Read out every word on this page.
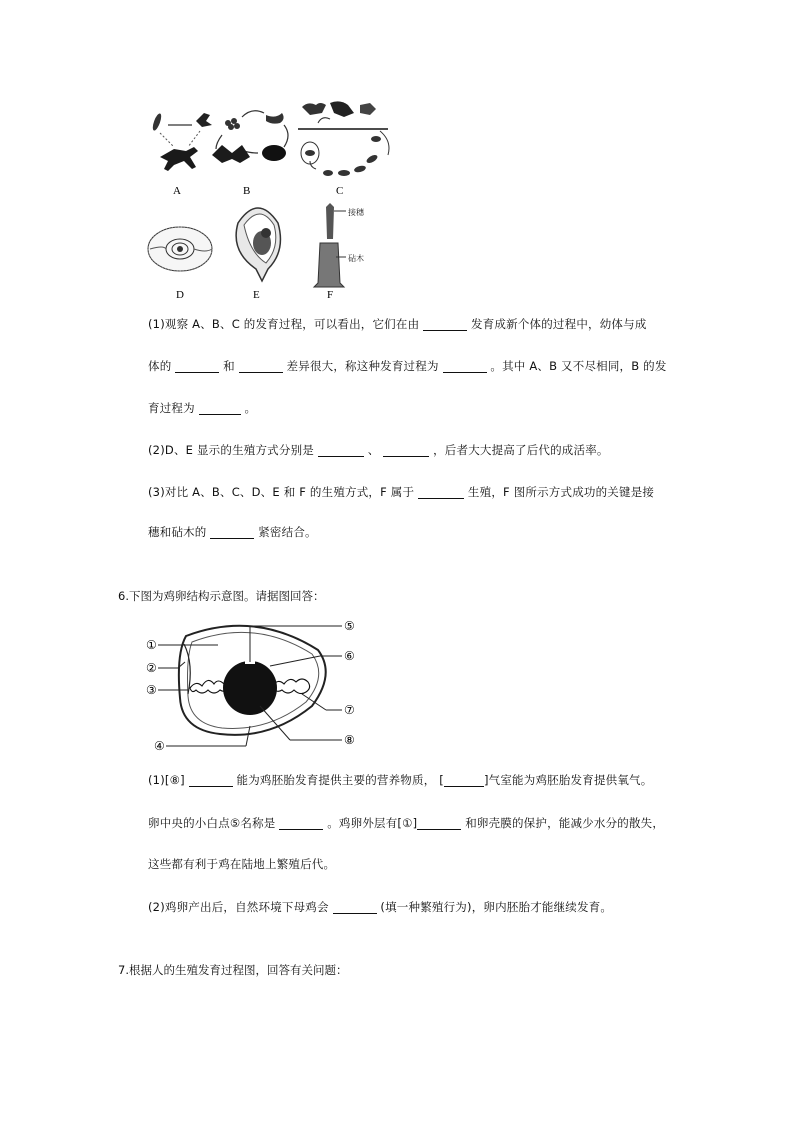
A	B	C
接穗
砧木
D	E	F
(1)观察 A、B、C 的发育过程，可以看出，它们在由	发育成新个体的过程中，幼体与成
体的	和	差异很大，称这种发育过程为	。其中 A、B 又不尽相同，B 的发
育过程为	。
(2)D、E 显示的生殖方式分别是	、	，后者大大提高了后代的成活率。
(3)对比 A、B、C、D、E 和 F 的生殖方式，F 属于	生殖，F 图所示方式成功的关键是接
穗和砧木的	紧密结合。
6.下图为鸡卵结构示意图。请据图回答：
①
②
③
④
⑤
⑥
⑦
⑧
(1)[⑧]	能为鸡胚胎发育提供主要的营养物质， [	]气室能为鸡胚胎发育提供氧气。
卵中央的小白点⑤名称是	。鸡卵外层有[①]	和卵壳膜的保护，能减少水分的散失，
这些都有利于鸡在陆地上繁殖后代。
(2)鸡卵产出后，自然环境下母鸡会	(填一种繁殖行为)，卵内胚胎才能继续发育。
7.根据人的生殖发育过程图，回答有关问题：
